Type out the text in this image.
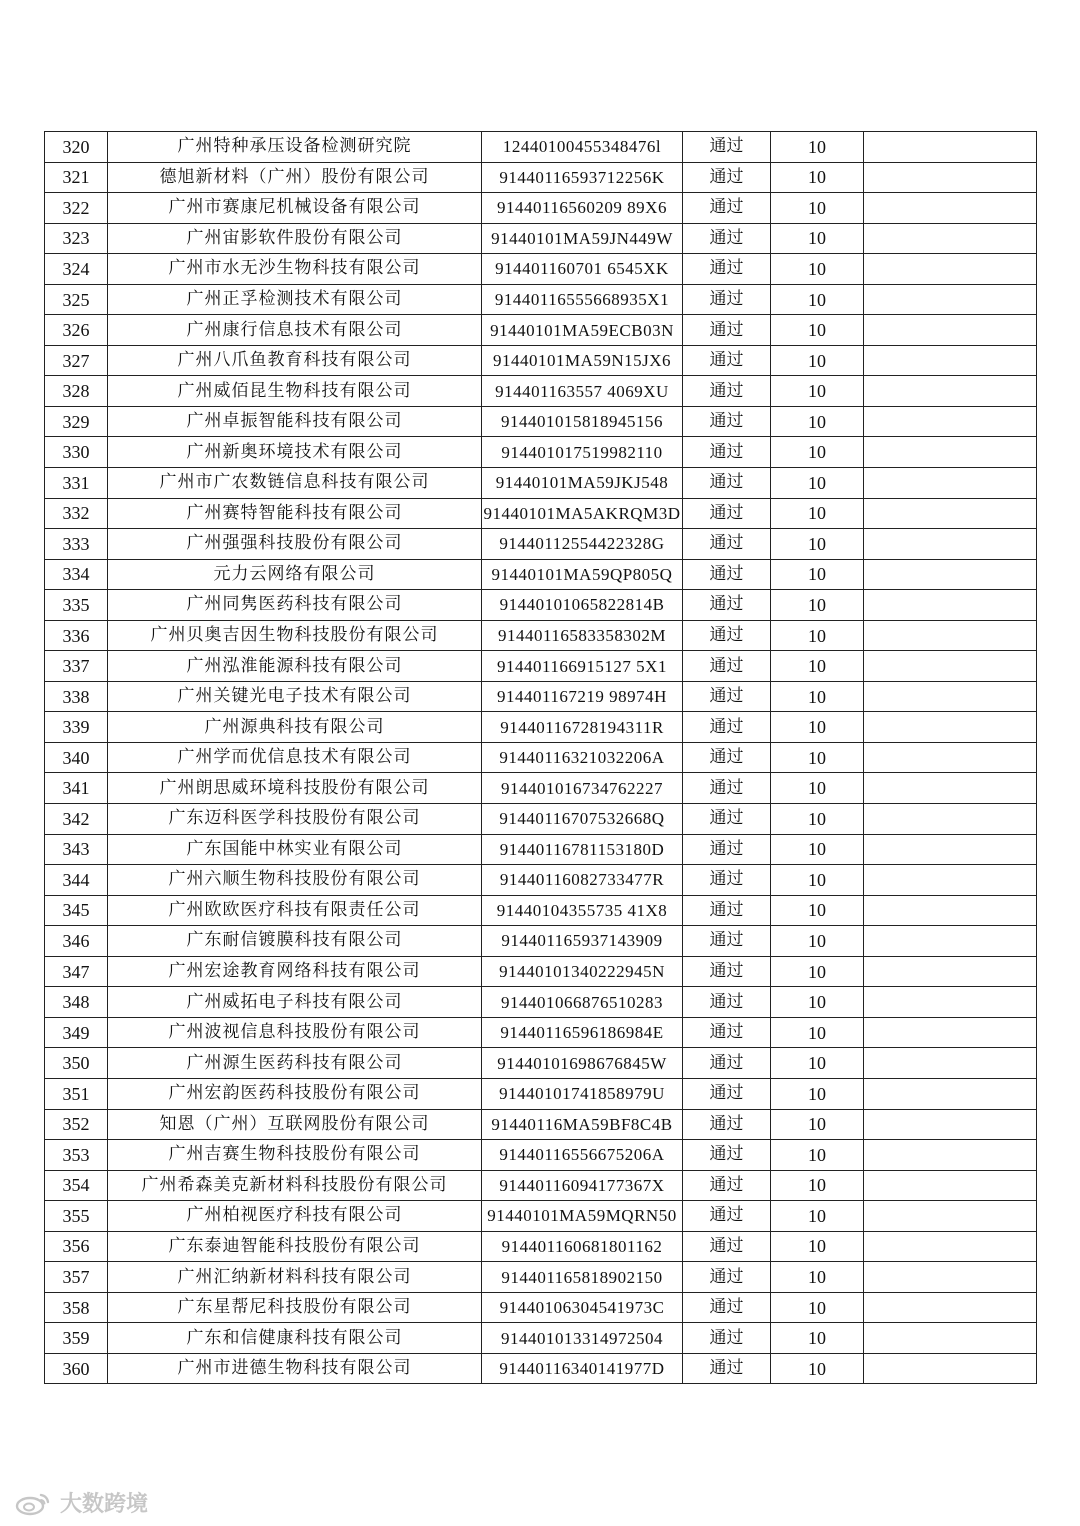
320	广州特种承压设备检测研究院	12440100455348476l	通过	10	
321	德旭新材料（广州）股份有限公司	91440116593712256K	通过	10	
322	广州市赛康尼机械设备有限公司	91440116560209 89X6	通过	10	
323	广州宙影软件股份有限公司	91440101MA59JN449W	通过	10	
324	广州市水无沙生物科技有限公司	914401160701 6545XK	通过	10	
325	广州正孚检测技术有限公司	91440116555668935X1	通过	10	
326	广州康行信息技术有限公司	91440101MA59ECB03N	通过	10	
327	广州八爪鱼教育科技有限公司	91440101MA59N15JX6	通过	10	
328	广州威佰昆生物科技有限公司	914401163557 4069XU	通过	10	
329	广州卓振智能科技有限公司	914401015818945156	通过	10	
330	广州新奥环境技术有限公司	914401017519982110	通过	10	
331	广州市广农数链信息科技有限公司	91440101MA59JKJ548	通过	10	
332	广州赛特智能科技有限公司	91440101MA5AKRQM3D	通过	10	
333	广州强强科技股份有限公司	91440112554422328G	通过	10	
334	元力云网络有限公司	91440101MA59QP805Q	通过	10	
335	广州同隽医药科技有限公司	91440101065822814B	通过	10	
336	广州贝奥吉因生物科技股份有限公司	91440116583358302M	通过	10	
337	广州泓淮能源科技有限公司	914401166915127 5X1	通过	10	
338	广州关键光电子技术有限公司	914401167219 98974H	通过	10	
339	广州源典科技有限公司	91440116728194311R	通过	10	
340	广州学而优信息技术有限公司	91440116321032206A	通过	10	
341	广州朗思威环境科技股份有限公司	914401016734762227	通过	10	
342	广东迈科医学科技股份有限公司	91440116707532668Q	通过	10	
343	广东国能中林实业有限公司	91440116781153180D	通过	10	
344	广州六顺生物科技股份有限公司	91440116082733477R	通过	10	
345	广州欧欧医疗科技有限责任公司	91440104355735 41X8	通过	10	
346	广东耐信镀膜科技有限公司	914401165937143909	通过	10	
347	广州宏途教育网络科技有限公司	91440101340222945N	通过	10	
348	广州威拓电子科技有限公司	914401066876510283	通过	10	
349	广州波视信息科技股份有限公司	91440116596186984E	通过	10	
350	广州源生医药科技有限公司	91440101698676845W	通过	10	
351	广州宏韵医药科技股份有限公司	91440101741858979U	通过	10	
352	知恩（广州）互联网股份有限公司	91440116MA59BF8C4B	通过	10	
353	广州吉赛生物科技股份有限公司	91440116556675206A	通过	10	
354	广州希森美克新材料科技股份有限公司	91440116094177367X	通过	10	
355	广州柏视医疗科技有限公司	91440101MA59MQRN50	通过	10	
356	广东泰迪智能科技股份有限公司	914401160681801162	通过	10	
357	广州汇纳新材料科技有限公司	914401165818902150	通过	10	
358	广东星帮尼科技股份有限公司	91440106304541973C	通过	10	
359	广东和信健康科技有限公司	914401013314972504	通过	10	
360	广州市进德生物科技有限公司	91440116340141977D	通过	10	
大数跨境
